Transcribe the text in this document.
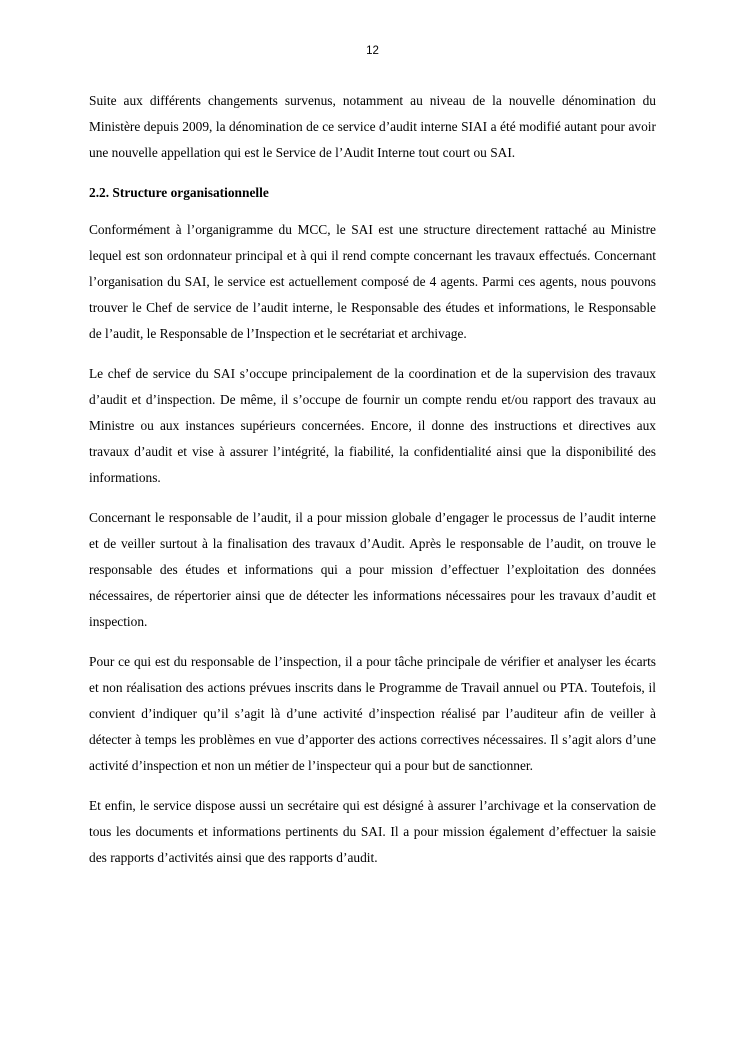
12

Suite aux différents changements survenus, notamment au niveau de la nouvelle dénomination du Ministère depuis 2009, la dénomination de ce service d’audit interne SIAI a été modifié autant pour avoir une nouvelle appellation qui est le Service de l’Audit Interne tout court ou SAI.

2.2. Structure organisationnelle

Conformément à l’organigramme du MCC, le SAI est une structure directement rattaché au Ministre lequel est son ordonnateur principal et à qui il rend compte concernant les travaux effectués. Concernant l’organisation du SAI, le service est actuellement composé de 4 agents. Parmi ces agents, nous pouvons trouver le Chef de service de l’audit interne, le Responsable des études et informations, le Responsable de l’audit, le Responsable de l’Inspection et le secrétariat et archivage.

Le chef de service du SAI s’occupe principalement de la coordination et de la supervision des travaux d’audit et d’inspection. De même, il s’occupe de fournir un compte rendu et/ou rapport des travaux au Ministre ou aux instances supérieurs concernées. Encore, il donne des instructions et directives aux travaux d’audit et vise à assurer l’intégrité, la fiabilité, la confidentialité ainsi que la disponibilité des informations.

Concernant le responsable de l’audit, il a pour mission globale d’engager le processus de l’audit interne et de veiller surtout à la finalisation des travaux d’Audit. Après le responsable de l’audit, on trouve le responsable des études et informations qui a pour mission d’effectuer l’exploitation des données nécessaires, de répertorier ainsi que de détecter les informations nécessaires pour les travaux d’audit et inspection.

Pour ce qui est du responsable de l’inspection, il a pour tâche principale de vérifier et analyser les écarts et non réalisation des actions prévues inscrits dans le Programme de Travail annuel ou PTA. Toutefois, il convient d’indiquer qu’il s’agit là d’une activité d’inspection réalisé par l’auditeur afin de veiller à détecter à temps les problèmes en vue d’apporter des actions correctives nécessaires. Il s’agit alors d’une activité d’inspection et non un métier de l’inspecteur qui a pour but de sanctionner.

Et enfin, le service dispose aussi un secrétaire qui est désigné à assurer l’archivage et la conservation de tous les documents et informations pertinents du SAI. Il a pour mission également d’effectuer la saisie des rapports d’activités ainsi que des rapports d’audit.
